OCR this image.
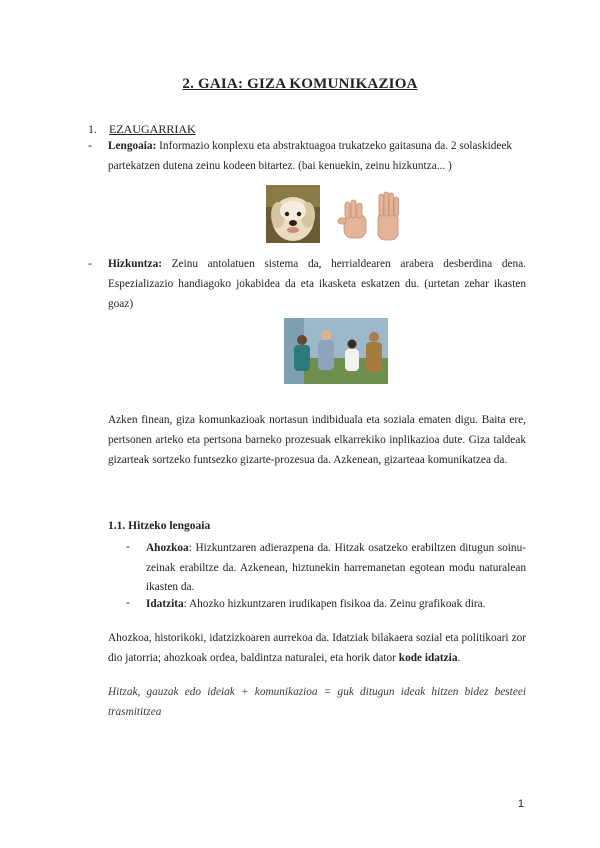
2. GAIA: GIZA KOMUNIKAZIOA
1. EZAUGARRIAK
- Lengoaia: Informazio konplexu eta abstraktuagoa trukatzeko gaitasuna da. 2 solaskideek partekatzen dutena zeinu kodeen bitartez. (bai kenuekin, zeinu hizkuntza... )
- Hizkuntza: Zeinu antolatuen sistema da, herrialdearen arabera desberdina dena. Espezializazio handiagoko jokabidea da eta ikasketa eskatzen du. (urtetan zehar ikasten goaz)
Azken finean, giza komunkazioak nortasun indibiduala eta soziala ematen digu. Baita ere, pertsonen arteko eta pertsona barneko prozesuak elkarrekiko inplikazioa dute. Giza taldeak gizarteak sortzeko funtsezko gizarte-prozesua da. Azkenean, gizarteaa komunikatzea da.
1.1. Hitzeko lengoaia
- Ahozkoa: Hizkuntzaren adierazpena da. Hitzak osatzeko erabiltzen ditugun soinu-zeinak erabiltze da. Azkenean, hiztunekin harremanetan egotean modu naturalean ikasten da.
- Idatzita: Ahozko hizkuntzaren irudikapen fisikoa da. Zeinu grafikoak dira.
Ahozkoa, historikoki, idatzizkoaren aurrekoa da. Idatziak bilakaera sozial eta politikoari zor dio jatorria; ahozkoak ordea, baldintza naturalei, eta horik dator kode idatzia.
Hitzak, gauzak edo ideiak + komunikazioa = guk ditugun ideak hitzen bidez besteei trasmititzea
1
